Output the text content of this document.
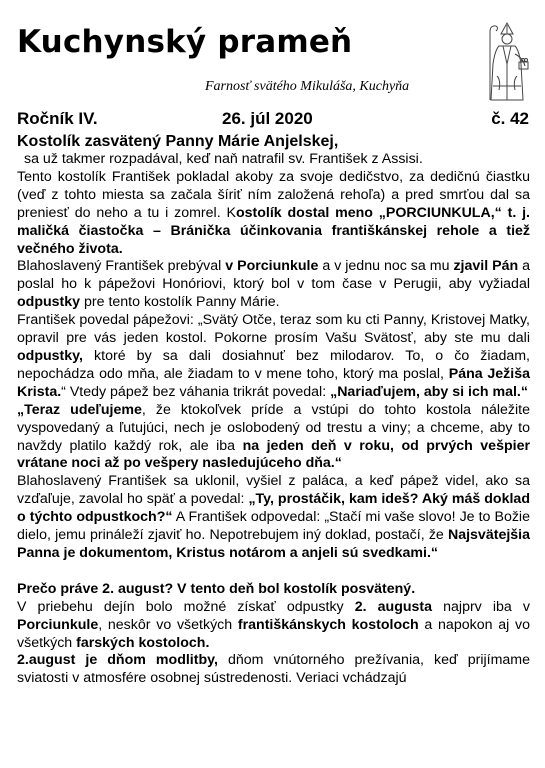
Kuchynský prameň
Farnosť svätého Mikuláša, Kuchyňa
Ročník IV.	26. júl 2020	č. 42
Kostolík zasvätený Panny Márie Anjelskej,

sa už takmer rozpadával, keď naň natrafil sv. František z Assisi.

Tento kostolík František pokladal akoby za svoje dedičstvo, za dedičnú čiastku (veď z tohto miesta sa začala šíriť ním založená rehoľa) a pred smrťou dal sa preniesť do neho a tu i zomrel. Kostolík dostal meno „PORCIUNKULA,“ t. j. maličká čiastočka – Bránička účinkovania františkánskej rehole a tiež večného života.

Blahoslavený František prebýval v Porciunkule a v jednu noc sa mu zjavil Pán a poslal ho k pápežovi Honóriovi, ktorý bol v tom čase v Perugii, aby vyžiadal odpustky pre tento kostolík Panny Márie.

František povedal pápežovi: „Svätý Otče, teraz som ku cti Panny, Kristovej Matky, opravil pre vás jeden kostol. Pokorne prosím Vašu Svätosť, aby ste mu dali odpustky, ktoré by sa dali dosiahnuť bez milodarov. To, o čo žiadam, nepochádza odo mňa, ale žiadam to v mene toho, ktorý ma poslal, Pána Ježiša Krista.“ Vtedy pápež bez váhania trikrát povedal: „Nariaďujem, aby si ich mal.“

„Teraz udeľujeme, že ktokoľvek príde a vstúpi do tohto kostola náležite vyspovedaný a ľutujúci, nech je oslobodený od trestu a viny; a chceme, aby to navždy platilo každý rok, ale iba na jeden deň v roku, od prvých vešpier vrátane noci až po vešpery nasledujúceho dňa.“

Blahoslavený František sa uklonil, vyšiel z paláca, a keď pápež videl, ako sa vzďaľuje, zavolal ho späť a povedal: „Ty, prostáčik, kam ideš? Aký máš doklad o týchto odpustkoch?“ A František odpovedal: „Stačí mi vaše slovo! Je to Božie dielo, jemu prináleží zjaviť ho. Nepotrebujem iný doklad, postačí, že Najsvätejšia Panna je dokumentom, Kristus notárom a anjeli sú svedkami.“

Prečo práve 2. august? V tento deň bol kostolík posvätený.

V priebehu dejín bolo možné získať odpustky 2. augusta najprv iba v Porciunkule, neskôr vo všetkých františkánskych kostoloch a napokon aj vo všetkých farských kostoloch.

2.august je dňom modlitby, dňom vnútorného prežívania, keď prijímame sviatosti v atmosfére osobnej sústredenosti. Veriaci vchádzajú
